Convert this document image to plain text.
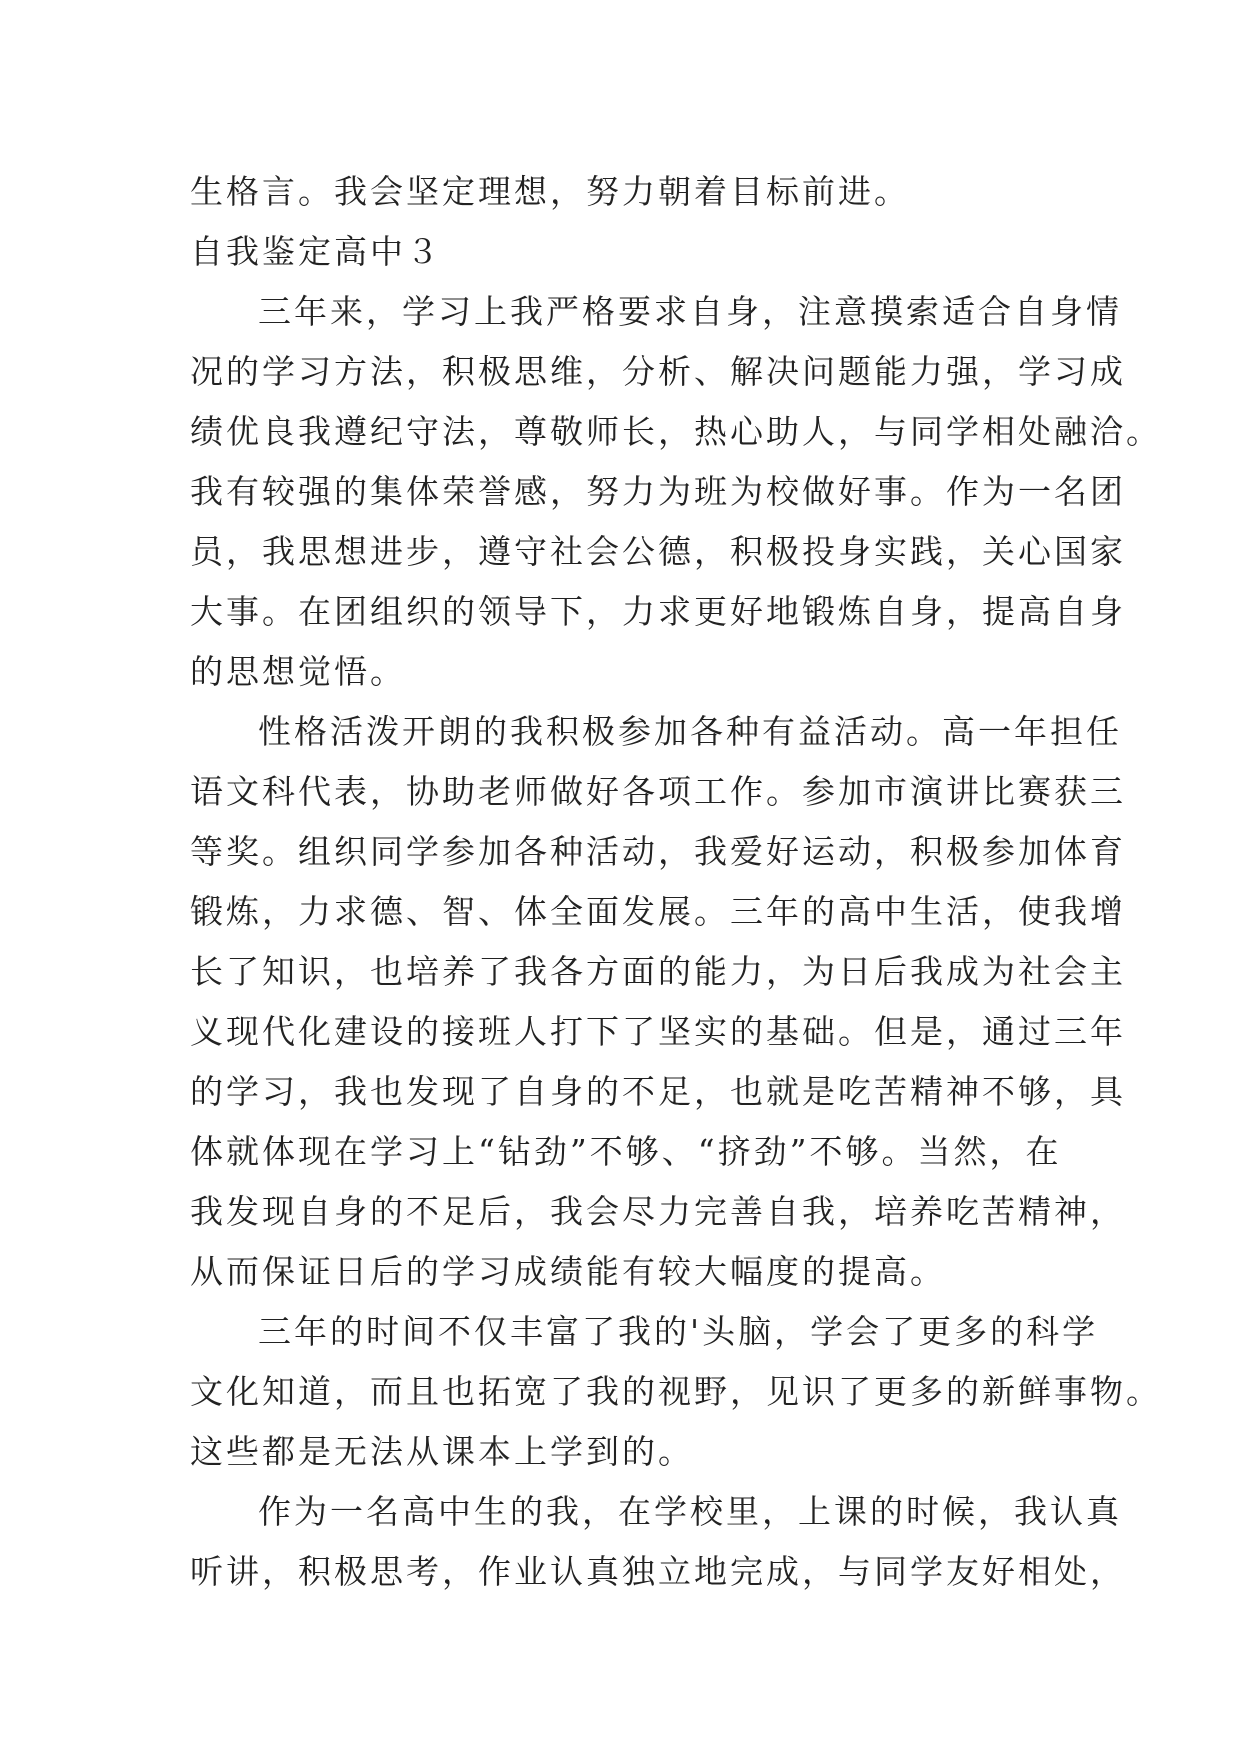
生格言。我会坚定理想，努力朝着目标前进。
自我鉴定高中３
三年来，学习上我严格要求自身，注意摸索适合自身情
况的学习方法，积极思维，分析、解决问题能力强，学习成
绩优良我遵纪守法，尊敬师长，热心助人，与同学相处融洽。
我有较强的集体荣誉感，努力为班为校做好事。作为一名团
员，我思想进步，遵守社会公德，积极投身实践，关心国家
大事。在团组织的领导下，力求更好地锻炼自身，提高自身
的思想觉悟。
性格活泼开朗的我积极参加各种有益活动。高一年担任
语文科代表，协助老师做好各项工作。参加市演讲比赛获三
等奖。组织同学参加各种活动，我爱好运动，积极参加体育
锻炼，力求德、智、体全面发展。三年的高中生活，使我增
长了知识，也培养了我各方面的能力，为日后我成为社会主
义现代化建设的接班人打下了坚实的基础。但是，通过三年
的学习，我也发现了自身的不足，也就是吃苦精神不够，具
体就体现在学习上“钻劲”不够、“挤劲”不够。当然，在
我发现自身的不足后，我会尽力完善自我，培养吃苦精神，
从而保证日后的学习成绩能有较大幅度的提高。
三年的时间不仅丰富了我的'头脑，学会了更多的科学
文化知道，而且也拓宽了我的视野，见识了更多的新鲜事物。
这些都是无法从课本上学到的。
作为一名高中生的我，在学校里，上课的时候，我认真
听讲，积极思考，作业认真独立地完成，与同学友好相处，
